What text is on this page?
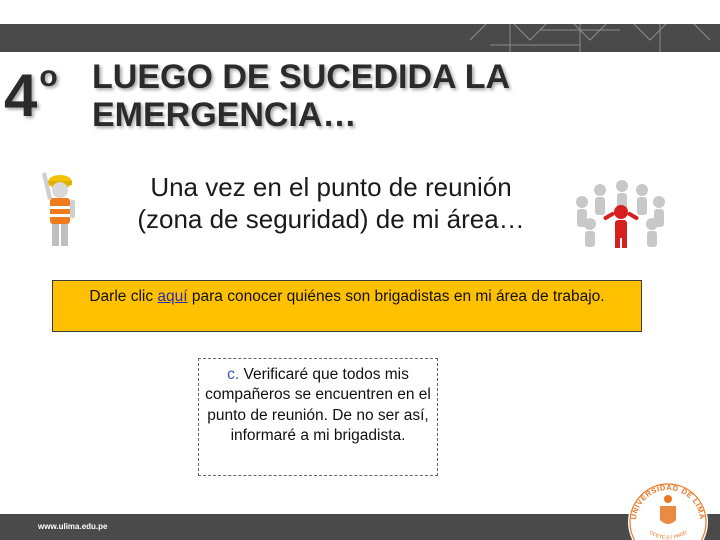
4$^o$ LUEGO DE SUCEDIDA LA
EMERGENCIA…
Una vez en el punto de reunión
(zona de seguridad) de mi área…
Darle clic aquí para conocer quiénes son brigadistas en mi área de trabajo.
c. Verificaré que todos mis compañeros se encuentren en el punto de reunión. De no ser así, informaré a mi brigadista.
www.ulima.edu.pe
UNIVERSIDAD DE LIMA
OCETE ET PROD
